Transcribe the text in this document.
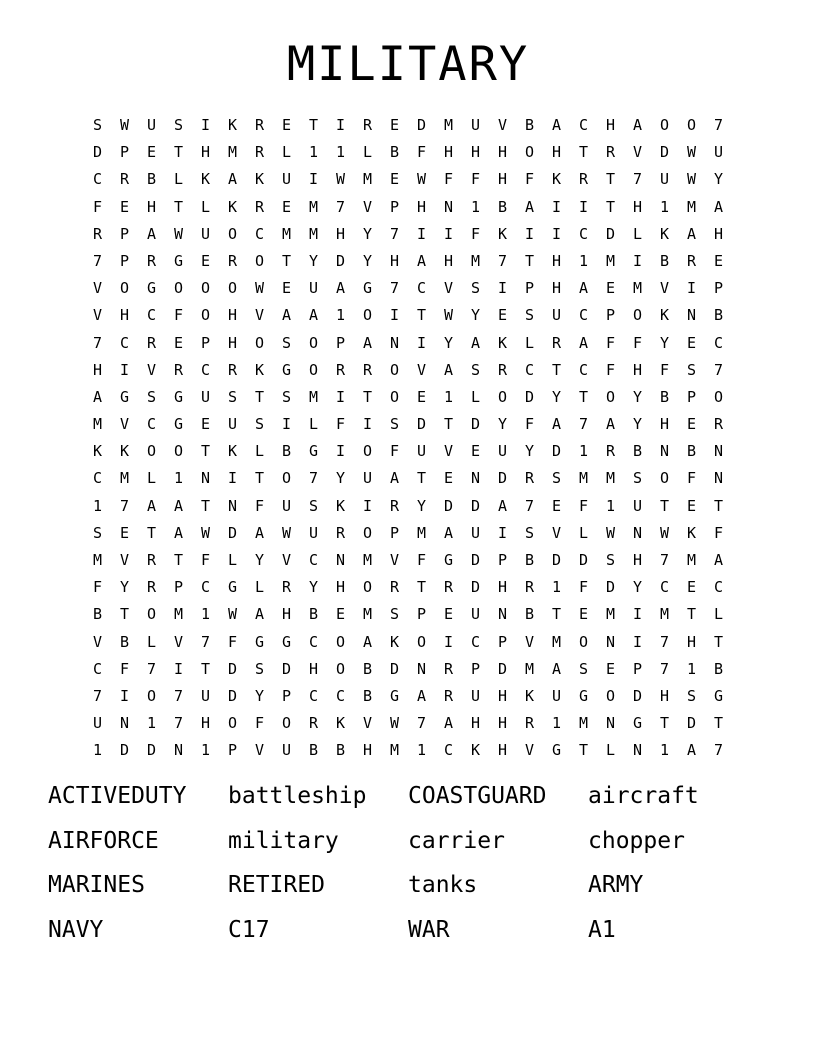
MILITARY
S	W	U	S	I	K	R	E	T	I	R	E	D	M	U	V	B	A	C	H	A	O	O	7
D	P	E	T	H	M	R	L	1	1	L	B	F	H	H	H	O	H	T	R	V	D	W	U
C	R	B	L	K	A	K	U	I	W	M	E	W	F	F	H	F	K	R	T	7	U	W	Y
F	E	H	T	L	K	R	E	M	7	V	P	H	N	1	B	A	I	I	T	H	1	M	A
R	P	A	W	U	O	C	M	M	H	Y	7	I	I	F	K	I	I	C	D	L	K	A	H
7	P	R	G	E	R	O	T	Y	D	Y	H	A	H	M	7	T	H	1	M	I	B	R	E
V	O	G	O	O	O	W	E	U	A	G	7	C	V	S	I	P	H	A	E	M	V	I	P
V	H	C	F	O	H	V	A	A	1	O	I	T	W	Y	E	S	U	C	P	O	K	N	B
7	C	R	E	P	H	O	S	O	P	A	N	I	Y	A	K	L	R	A	F	F	Y	E	C
H	I	V	R	C	R	K	G	O	R	R	O	V	A	S	R	C	T	C	F	H	F	S	7
A	G	S	G	U	S	T	S	M	I	T	O	E	1	L	O	D	Y	T	O	Y	B	P	O
M	V	C	G	E	U	S	I	L	F	I	S	D	T	D	Y	F	A	7	A	Y	H	E	R
K	K	O	O	T	K	L	B	G	I	O	F	U	V	E	U	Y	D	1	R	B	N	B	N
C	M	L	1	N	I	T	O	7	Y	U	A	T	E	N	D	R	S	M	M	S	O	F	N
1	7	A	A	T	N	F	U	S	K	I	R	Y	D	D	A	7	E	F	1	U	T	E	T
S	E	T	A	W	D	A	W	U	R	O	P	M	A	U	I	S	V	L	W	N	W	K	F
M	V	R	T	F	L	Y	V	C	N	M	V	F	G	D	P	B	D	D	S	H	7	M	A
F	Y	R	P	C	G	L	R	Y	H	O	R	T	R	D	H	R	1	F	D	Y	C	E	C
B	T	O	M	1	W	A	H	B	E	M	S	P	E	U	N	B	T	E	M	I	M	T	L
V	B	L	V	7	F	G	G	C	O	A	K	O	I	C	P	V	M	O	N	I	7	H	T
C	F	7	I	T	D	S	D	H	O	B	D	N	R	P	D	M	A	S	E	P	7	1	B
7	I	O	7	U	D	Y	P	C	C	B	G	A	R	U	H	K	U	G	O	D	H	S	G
U	N	1	7	H	O	F	O	R	K	V	W	7	A	H	H	R	1	M	N	G	T	D	T
1	D	D	N	1	P	V	U	B	B	H	M	1	C	K	H	V	G	T	L	N	1	A	7
ACTIVEDUTY	battleship	COASTGUARD	aircraft
AIRFORCE	military	carrier	chopper
MARINES	RETIRED	tanks	ARMY
NAVY	C17	WAR	A1
